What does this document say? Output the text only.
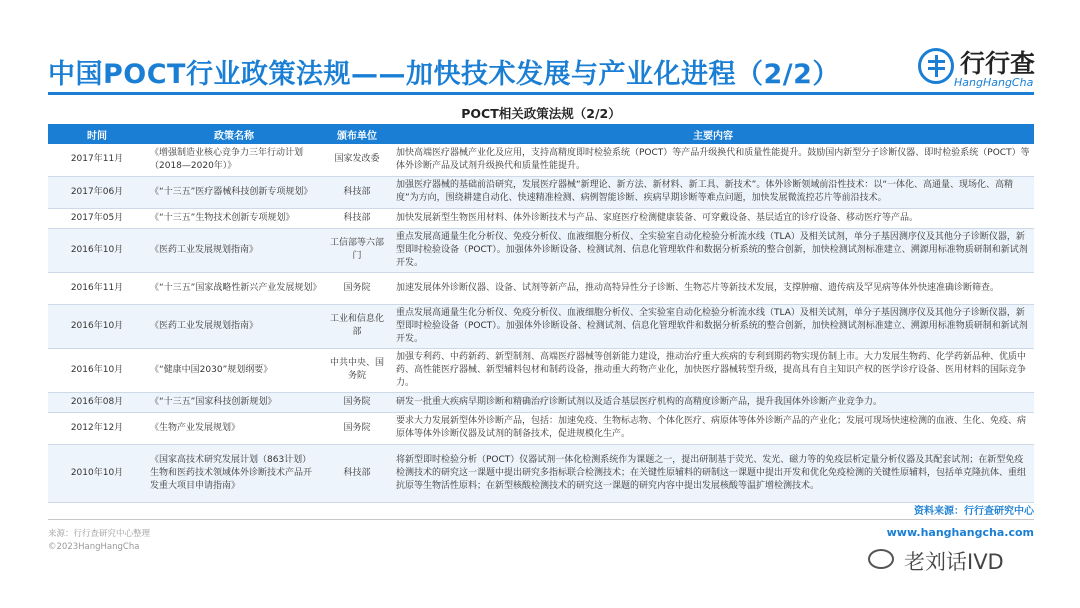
中国POCT行业政策法规——加快技术发展与产业化进程（2/2）	行行查
HangHangCha
POCT相关政策法规（2/2）
时间	政策名称	颁布单位	主要内容
2017年11月	《增强制造业核心竞争力三年行动计划（2018—2020年）》	国家发改委	加快高端医疗器械产业化及应用，支持高精度即时检验系统（POCT）等产品升级换代和质量性能提升。鼓励国内新型分子诊断仪器、即时检验系统（POCT）等体外诊断产品及试剂升级换代和质量性能提升。
2017年06月	《“十三五”医疗器械科技创新专项规划》	科技部	加强医疗器械的基础前沿研究，发展医疗器械“新理论、新方法、新材料、新工具、新技术”。体外诊断领域前沿性技术：以“一体化、高通量、现场化、高精度”为方向，围绕耕建自动化、快速精准检测、病例智能诊断、疾病早期诊断等难点问题，加快发展微流控芯片等前沿技术。
2017年05月	《“十三五”生物技术创新专项规划》	科技部	加快发展新型生物医用材料、体外诊断技术与产品、家庭医疗检测健康装备、可穿戴设备、基层适宜的诊疗设备、移动医疗等产品。
2016年10月	《医药工业发展规划指南》	工信部等六部门	重点发展高通量生化分析仪、免疫分析仪、血液细胞分析仪、全实验室自动化检验分析流水线（TLA）及相关试剂，单分子基因测序仪及其他分子诊断仪器，新型即时检验设备（POCT）。加强体外诊断设备、检测试剂、信息化管理软件和数据分析系统的整合创新，加快检测试剂标准建立、溯源用标准物质研制和新试剂开发。
2016年11月	《“十三五”国家战略性新兴产业发展规划》	国务院	加速发展体外诊断仪器、设备、试剂等新产品，推动高特异性分子诊断、生物芯片等新技术发展，支撑肿瘤、遗传病及罕见病等体外快速准确诊断筛查。
2016年10月	《医药工业发展规划指南》	工业和信息化部	重点发展高通量生化分析仪、免疫分析仪、血液细胞分析仪、全实验室自动化检验分析流水线（TLA）及相关试剂，单分子基因测序仪及其他分子诊断仪器，新型即时检验设备（POCT）。加强体外诊断设备、检测试剂、信息化管理软件和数据分析系统的整合创新，加快检测试剂标准建立、溯源用标准物质研制和新试剂开发。
2016年10月	《“健康中国2030”规划纲要》	中共中央、国务院	加强专利药、中药新药、新型制剂、高端医疗器械等创新能力建设，推动治疗重大疾病的专利到期药物实现仿制上市。大力发展生物药、化学药新品种、优质中药、高性能医疗器械、新型辅料包材和制药设备，推动重大药物产业化，加快医疗器械转型升级，提高具有自主知识产权的医学诊疗设备、医用材料的国际竞争力。
2016年08月	《“十三五”国家科技创新规划》	国务院	研发一批重大疾病早期诊断和精确治疗诊断试剂以及适合基层医疗机构的高精度诊断产品，提升我国体外诊断产业竞争力。
2012年12月	《生物产业发展规划》	国务院	要求大力发展新型体外诊断产品，包括：加速免疫、生物标志物、个体化医疗、病原体等体外诊断产品的产业化；发展可现场快速检测的血液、生化、免疫、病原体等体外诊断仪器及试剂的制备技术，促进规模化生产。
2010年10月	《国家高技术研究发展计划（863计划）生物和医药技术领域体外诊断技术产品开发重大项目申请指南》	科技部	将新型即时检验分析（POCT）仪器试剂一体化检测系统作为课题之一，提出研制基于荧光、发光、磁力等的免疫层析定量分析仪器及其配套试剂；在新型免疫检测技术的研究这一课题中提出研究多指标联合检测技术；在关键性原辅料的研制这一课题中提出开发和优化免疫检测的关键性原辅料，包括单克隆抗体、重组抗原等生物活性原料；在新型核酸检测技术的研究这一课题的研究内容中提出发展核酸等温扩增检测技术。
资料来源：行行查研究中心
来源：行行查研究中心整理
©2023HangHangCha
www.hanghangcha.com
老刘话IVD
